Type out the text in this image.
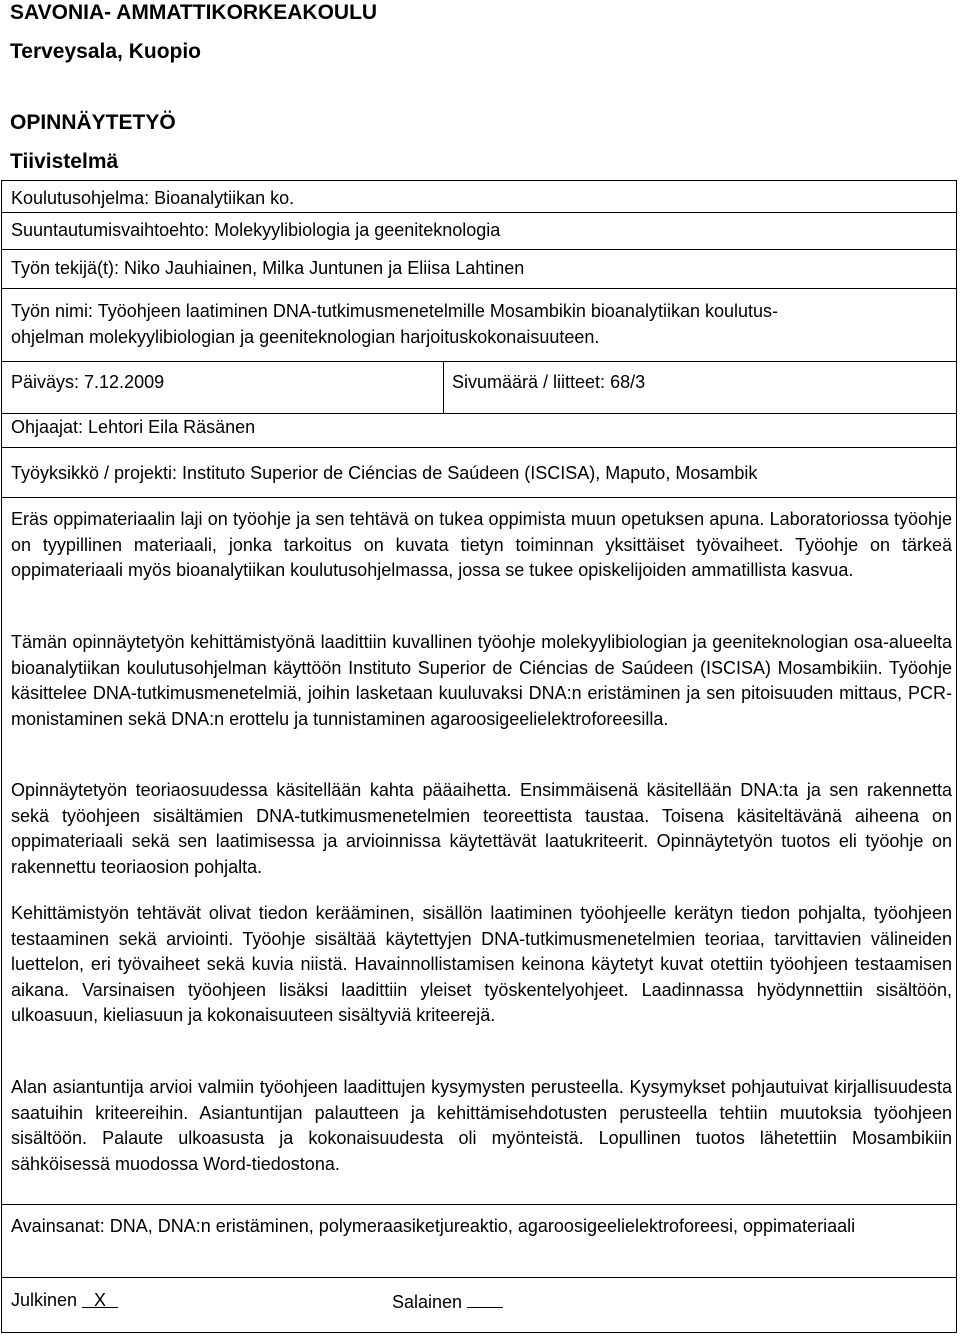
SAVONIA- AMMATTIKORKEAKOULU
Terveysala, Kuopio
OPINNÄYTETYÖ
Tiivistelmä
Koulutusohjelma: Bioanalytiikan ko.
Suuntautumisvaihtoehto: Molekyylibiologia ja geeniteknologia
Työn tekijä(t): Niko Jauhiainen, Milka Juntunen ja Eliisa Lahtinen
Työn nimi: Työohjeen laatiminen DNA-tutkimusmenetelmille Mosambikin bioanalytiikan koulutus-
ohjelman molekyylibiologian ja geeniteknologian harjoituskokonaisuuteen.
Päiväys: 7.12.2009	Sivumäärä / liitteet: 68/3
Ohjaajat: Lehtori Eila Räsänen
Työyksikkö / projekti: Instituto Superior de Ciéncias de Saúdeen (ISCISA), Maputo, Mosambik
Eräs oppimateriaalin laji on työohje ja sen tehtävä on tukea oppimista muun opetuksen apuna. Laboratoriossa työohje on tyypillinen materiaali, jonka tarkoitus on kuvata tietyn toiminnan yksittäiset työvaiheet. Työohje on tärkeä oppimateriaali myös bioanalytiikan koulutusohjelmassa, jossa se tukee opiskelijoiden ammatillista kasvua.
Tämän opinnäytetyön kehittämistyönä laadittiin kuvallinen työohje molekyylibiologian ja geeniteknologian osa-alueelta bioanalytiikan koulutusohjelman käyttöön Instituto Superior de Ciéncias de Saúdeen (ISCISA) Mosambikiin. Työohje käsittelee DNA-tutkimusmenetelmiä, joihin lasketaan kuuluvaksi DNA:n eristäminen ja sen pitoisuuden mittaus, PCR-monistaminen sekä DNA:n erottelu ja tunnistaminen agaroosigeelielektroforeesilla.
Opinnäytetyön teoriaosuudessa käsitellään kahta pääaihetta. Ensimmäisenä käsitellään DNA:ta ja sen rakennetta sekä työohjeen sisältämien DNA-tutkimusmenetelmien teoreettista taustaa. Toisena käsiteltävänä aiheena on oppimateriaali sekä sen laatimisessa ja arvioinnissa käytettävät laatukriteerit. Opinnäytetyön tuotos eli työohje on rakennettu teoriaosion pohjalta.
Kehittämistyön tehtävät olivat tiedon kerääminen, sisällön laatiminen työohjeelle kerätyn tiedon pohjalta, työohjeen testaaminen sekä arviointi. Työohje sisältää käytettyjen DNA-tutkimusmenetelmien teoriaa, tarvittavien välineiden luettelon, eri työvaiheet sekä kuvia niistä. Havainnollistamisen keinona käytetyt kuvat otettiin työohjeen testaamisen aikana. Varsinaisen työohjeen lisäksi laadittiin yleiset työskentelyohjeet. Laadinnassa hyödynnettiin sisältöön, ulkoasuun, kieliasuun ja kokonaisuuteen sisältyviä kriteerejä.
Alan asiantuntija arvioi valmiin työohjeen laadittujen kysymysten perusteella. Kysymykset pohjautuivat kirjallisuudesta saatuihin kriteereihin. Asiantuntijan palautteen ja kehittämisehdotusten perusteella tehtiin muutoksia työohjeen sisältöön. Palaute ulkoasusta ja kokonaisuudesta oli myönteistä. Lopullinen tuotos lähetettiin Mosambikiin sähköisessä muodossa Word-tiedostona.
Avainsanat: DNA, DNA:n eristäminen, polymeraasiketjureaktio, agaroosigeelielektroforeesi, oppimateriaali
Julkinen X	Salainen
